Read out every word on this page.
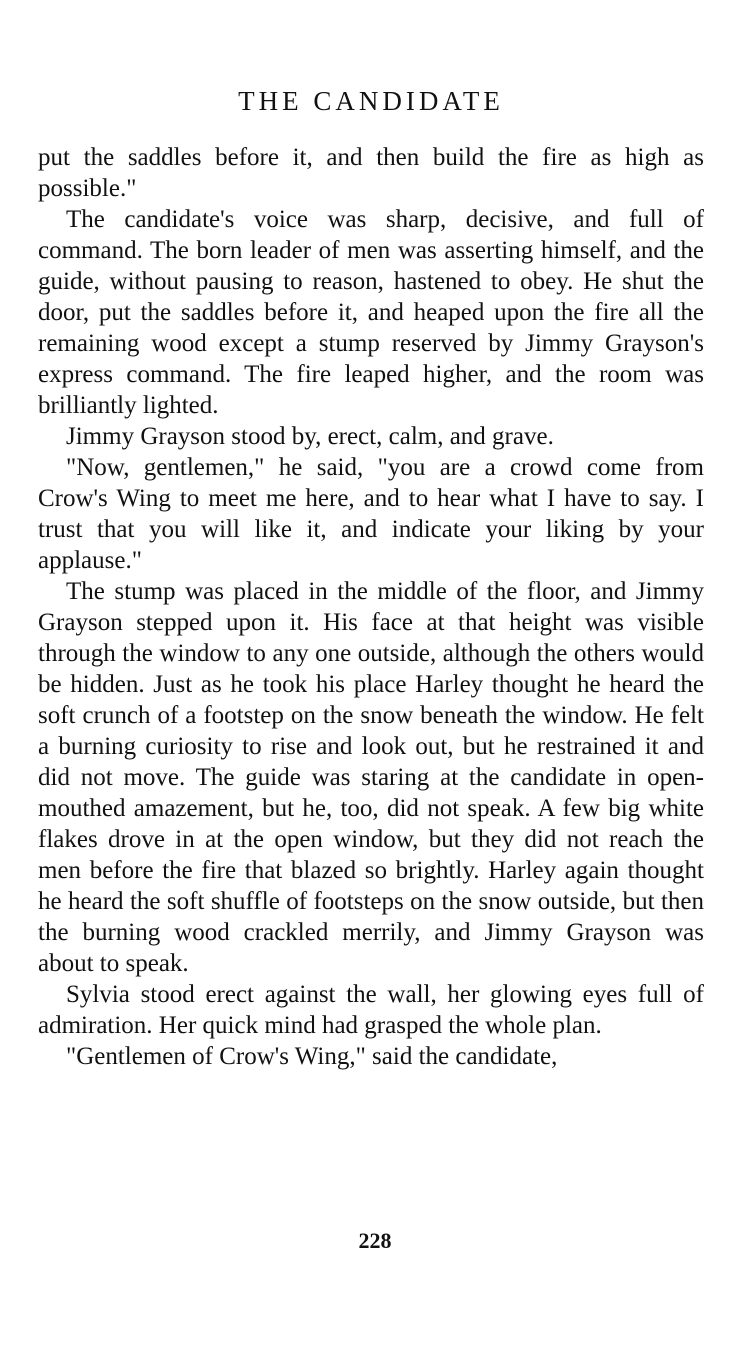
THE CANDIDATE

put the saddles before it, and then build the fire as high as possible."

The candidate's voice was sharp, decisive, and full of command. The born leader of men was asserting himself, and the guide, without pausing to reason, hastened to obey. He shut the door, put the saddles before it, and heaped upon the fire all the remaining wood except a stump reserved by Jimmy Grayson's express command. The fire leaped higher, and the room was brilliantly lighted.

Jimmy Grayson stood by, erect, calm, and grave.

"Now, gentlemen," he said, "you are a crowd come from Crow's Wing to meet me here, and to hear what I have to say. I trust that you will like it, and indicate your liking by your applause."

The stump was placed in the middle of the floor, and Jimmy Grayson stepped upon it. His face at that height was visible through the window to any one outside, although the others would be hidden. Just as he took his place Harley thought he heard the soft crunch of a footstep on the snow beneath the window. He felt a burning curiosity to rise and look out, but he restrained it and did not move. The guide was staring at the candidate in openmouthed amazement, but he, too, did not speak. A few big white flakes drove in at the open window, but they did not reach the men before the fire that blazed so brightly. Harley again thought he heard the soft shuffle of footsteps on the snow outside, but then the burning wood crackled merrily, and Jimmy Grayson was about to speak.

Sylvia stood erect against the wall, her glowing eyes full of admiration. Her quick mind had grasped the whole plan.

"Gentlemen of Crow's Wing," said the candidate,

228
